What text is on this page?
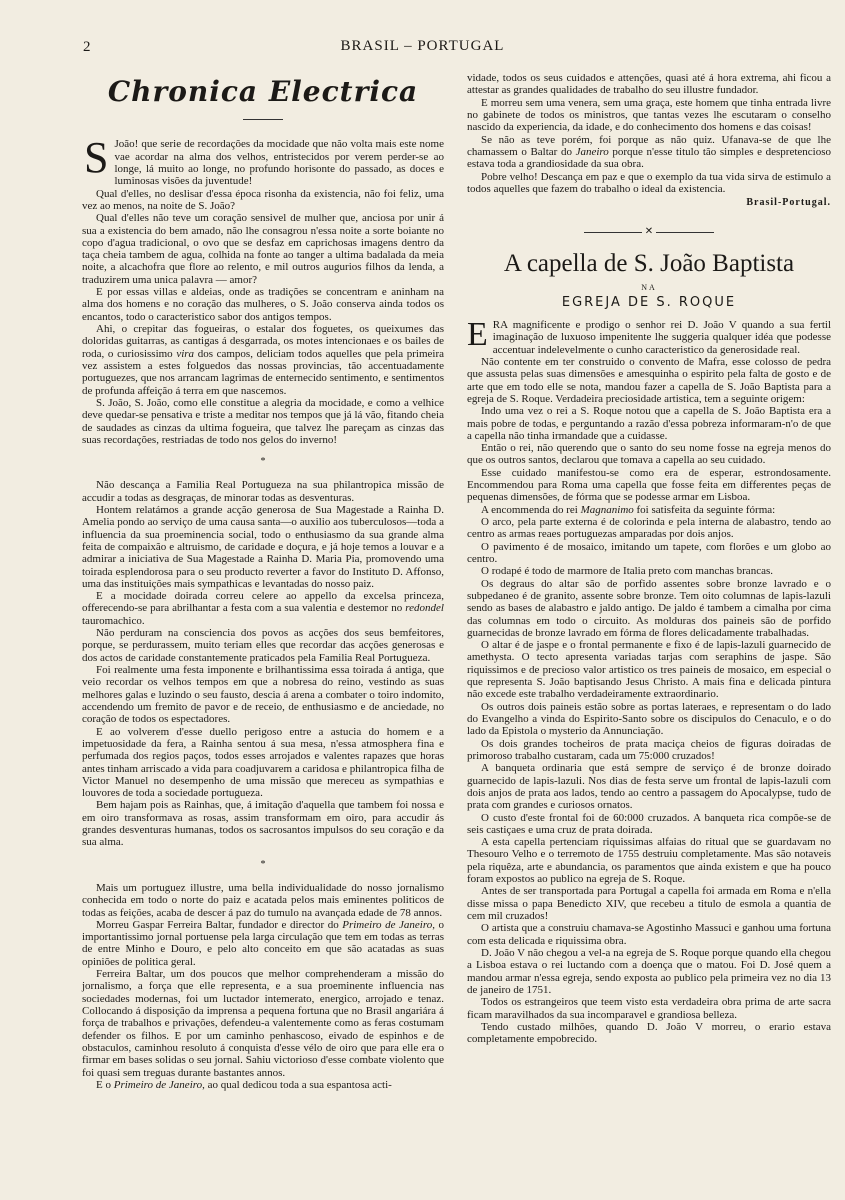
2	BRASIL – PORTUGAL
Chronica Electrica

S João! que serie de recordações da mocidade que não volta mais este nome vae acordar na alma dos velhos, entristecidos por verem perder-se ao longe, lá muito ao longe, no profundo horisonte do passado, as doces e luminosas visões da juventude!

Qual d'elles, no deslisar d'essa época risonha da existencia, não foi feliz, uma vez ao menos, na noite de S. João?

Qual d'elles não teve um coração sensivel de mulher que, anciosa por unir á sua a existencia do bem amado, não lhe consagrou n'essa noite a sorte boiante no copo d'agua tradicional, o ovo que se desfaz em caprichosas imagens dentro da taça cheia tambem de agua, colhida na fonte ao tanger a ultima badalada da meia noite, a alcachofra que flore ao relento, e mil outros augurios filhos da lenda, a traduzirem uma unica palavra — amor?

E por essas villas e aldeias, onde as tradições se concentram e aninham na alma dos homens e no coração das mulheres, o S. João conserva ainda todos os encantos, todo o caracteristico sabor dos antigos tempos.

Ahi, o crepitar das fogueiras, o estalar dos foguetes, os queixumes das doloridas guitarras, as cantigas á desgarrada, os motes intencionaes e os bailes de roda, o curiosissimo vira dos campos, deliciam todos aquelles que pela primeira vez assistem a estes folguedos das nossas provincias, tão accentuadamente portuguezes, que nos arrancam lagrimas de enternecido sentimento, e sentimentos de profunda affeição á terra em que nascemos.

S. João, S. João, como elle constitue a alegria da mocidade, e como a velhice deve quedar-se pensativa e triste a meditar nos tempos que já lá vão, fitando cheia de saudades as cinzas da ultima fogueira, que talvez lhe pareçam as cinzas das suas recordações, restriadas de todo nos gelos do inverno!

*

Não descança a Familia Real Portugueza na sua philantropica missão de accudir a todas as desgraças, de minorar todas as desventuras.

Hontem relatámos a grande acção generosa de Sua Magestade a Rainha D. Amelia pondo ao serviço de uma causa santa—o auxilio aos tuberculosos—toda a influencia da sua proeminencia social, todo o enthusiasmo da sua grande alma feita de compaixão e altruismo, de caridade e doçura, e já hoje temos a louvar e a admirar a iniciativa de Sua Magestade a Rainha D. Maria Pia, promovendo uma toirada esplendorosa para o seu producto reverter a favor do Instituto D. Affonso, uma das instituições mais sympathicas e levantadas do nosso paiz.

E a mocidade doirada correu celere ao appello da excelsa princeza, offerecendo-se para abrilhantar a festa com a sua valentia e destemor no redondel tauromachico.

Não perduram na consciencia dos povos as acções dos seus bemfeitores, porque, se perdurassem, muito teriam elles que recordar das acções generosas e dos actos de caridade constantemente praticados pela Familia Real Portugueza.

Foi realmente uma festa imponente e brilhantissima essa toirada á antiga, que veio recordar os velhos tempos em que a nobresa do reino, vestindo as suas melhores galas e luzindo o seu fausto, descia á arena a combater o toiro indomito, accendendo um fremito de pavor e de receio, de enthusiasmo e de anciedade, no coração de todos os espectadores.

E ao volverem d'esse duello perigoso entre a astucia do homem e a impetuosidade da fera, a Rainha sentou á sua mesa, n'essa atmosphera fina e perfumada dos regios paços, todos esses arrojados e valentes rapazes que horas antes tinham arriscado a vida para coadjuvarem a caridosa e philantropica filha de Victor Manuel no desempenho de uma missão que mereceu as sympathias e louvores de toda a sociedade portugueza.

Bem hajam pois as Rainhas, que, á imitação d'aquella que tambem foi nossa e em oiro transformava as rosas, assim transformam em oiro, para accudir ás grandes desventuras humanas, todos os sacrosantos impulsos do seu coração e da sua alma.

*

Mais um portuguez illustre, uma bella individualidade do nosso jornalismo conhecida em todo o norte do paiz e acatada pelos mais eminentes politicos de todas as feições, acaba de descer á paz do tumulo na avançada edade de 78 annos.

Morreu Gaspar Ferreira Baltar, fundador e director do Primeiro de Janeiro, o importantissimo jornal portuense pela larga circulação que tem em todas as terras de entre Minho e Douro, e pelo alto conceito em que são acatadas as suas opiniões de politica geral.

Ferreira Baltar, um dos poucos que melhor comprehenderam a missão do jornalismo, a força que elle representa, e a sua proeminente influencia nas sociedades modernas, foi um luctador intemerato, energico, arrojado e tenaz. Collocando á disposição da imprensa a pequena fortuna que no Brasil angariára á força de trabalhos e privações, defendeu-a valentemente como as feras costumam defender os filhos. E por um caminho penhascoso, eivado de espinhos e de obstaculos, caminhou resoluto á conquista d'esse vélo de oiro que para elle era o firmar em bases solidas o seu jornal. Sahiu victorioso d'esse combate violento que foi quasi sem treguas durante bastantes annos.

E o Primeiro de Janeiro, ao qual dedicou toda a sua espantosa acti-

vidade, todos os seus cuidados e attenções, quasi até á hora extrema, ahi ficou a attestar as grandes qualidades de trabalho do seu illustre fundador.

E morreu sem uma venera, sem uma graça, este homem que tinha entrada livre no gabinete de todos os ministros, que tantas vezes lhe escutaram o conselho nascido da experiencia, da idade, e do conhecimento dos homens e das coisas!

Se não as teve porém, foi porque as não quiz. Ufanava-se de que lhe chamassem o Baltar do Janeiro porque n'esse titulo tão simples e despretencioso estava toda a grandiosidade da sua obra.

Pobre velho! Descança em paz e que o exemplo da tua vida sirva de estimulo a todos aquelles que fazem do trabalho o ideal da existencia.

Brasil-Portugal.
✕
A capella de S. João Baptista
NA
EGREJA DE S. ROQUE

ERA magnificente e prodigo o senhor rei D. João V quando a sua fertil imaginação de luxuoso impenitente lhe suggeria qualquer idéa que podesse accentuar indelevelmente o cunho caracteristico da generosidade real.

Não contente em ter construido o convento de Mafra, esse colosso de pedra que assusta pelas suas dimensões e amesquinha o espirito pela falta de gosto e de arte que em todo elle se nota, mandou fazer a capella de S. João Baptista para a egreja de S. Roque. Verdadeira preciosidade artistica, tem a seguinte origem:

Indo uma vez o rei a S. Roque notou que a capella de S. João Baptista era a mais pobre de todas, e perguntando a razão d'essa pobreza informaram-n'o de que a capella não tinha irmandade que a cuidasse.

Então o rei, não querendo que o santo do seu nome fosse na egreja menos do que os outros santos, declarou que tomava a capella ao seu cuidado.

Esse cuidado manifestou-se como era de esperar, estrondosamente. Encommendou para Roma uma capella que fosse feita em differentes peças de pequenas dimensões, de fórma que se podesse armar em Lisboa.

A encommenda do rei Magnanimo foi satisfeita da seguinte fórma:

O arco, pela parte externa é de colorinda e pela interna de alabastro, tendo ao centro as armas reaes portuguezas amparadas por dois anjos.

O pavimento é de mosaico, imitando um tapete, com florões e um globo ao centro.

O rodapé é todo de marmore de Italia preto com manchas brancas.

Os degraus do altar são de porfido assentes sobre bronze lavrado e o subpedaneo é de granito, assente sobre bronze. Tem oito columnas de lapis-lazuli sendo as bases de alabastro e jaldo antigo. De jaldo é tambem a cimalha por cima das columnas em todo o circuito. As molduras dos paineis são de porfido guarnecidas de bronze lavrado em fórma de flores delicadamente trabalhadas.

O altar é de jaspe e o frontal permanente e fixo é de lapis-lazuli guarnecido de amethysta. O tecto apresenta variadas tarjas com seraphins de jaspe. São riquissimos e de precioso valor artistico os tres paineis de mosaico, em especial o que representa S. João baptisando Jesus Christo. A mais fina e delicada pintura não excede este trabalho verdadeiramente extraordinario.

Os outros dois paineis estão sobre as portas lateraes, e representam o do lado do Evangelho a vinda do Espirito-Santo sobre os discipulos do Cenaculo, e o do lado da Epistola o mysterio da Annunciação.

Os dois grandes tocheiros de prata maciça cheios de figuras doiradas de primoroso trabalho custaram, cada um 75:000 cruzados!

A banqueta ordinaria que está sempre de serviço é de bronze doirado guarnecido de lapis-lazuli. Nos dias de festa serve um frontal de lapis-lazuli com dois anjos de prata aos lados, tendo ao centro a passagem do Apocalypse, tudo de prata com grandes e curiosos ornatos.

O custo d'este frontal foi de 60:000 cruzados. A banqueta rica compõe-se de seis castiçaes e uma cruz de prata doirada.

A esta capella pertenciam riquissimas alfaias do ritual que se guardavam no Thesouro Velho e o terremoto de 1755 destruiu completamente. Mas são notaveis pela riquêza, arte e abundancia, os paramentos que ainda existem e que ha pouco foram expostos ao publico na egreja de S. Roque.

Antes de ser transportada para Portugal a capella foi armada em Roma e n'ella disse missa o papa Benedicto XIV, que recebeu a titulo de esmola a quantia de cem mil cruzados!

O artista que a construiu chamava-se Agostinho Massuci e ganhou uma fortuna com esta delicada e riquissima obra.

D. João V não chegou a vel-a na egreja de S. Roque porque quando ella chegou a Lisboa estava o rei luctando com a doença que o matou. Foi D. José quem a mandou armar n'essa egreja, sendo exposta ao publico pela primeira vez no dia 13 de janeiro de 1751.

Todos os estrangeiros que teem visto esta verdadeira obra prima de arte sacra ficam maravilhados da sua incomparavel e grandiosa belleza.

Tendo custado milhões, quando D. João V morreu, o erario estava completamente empobrecido.
